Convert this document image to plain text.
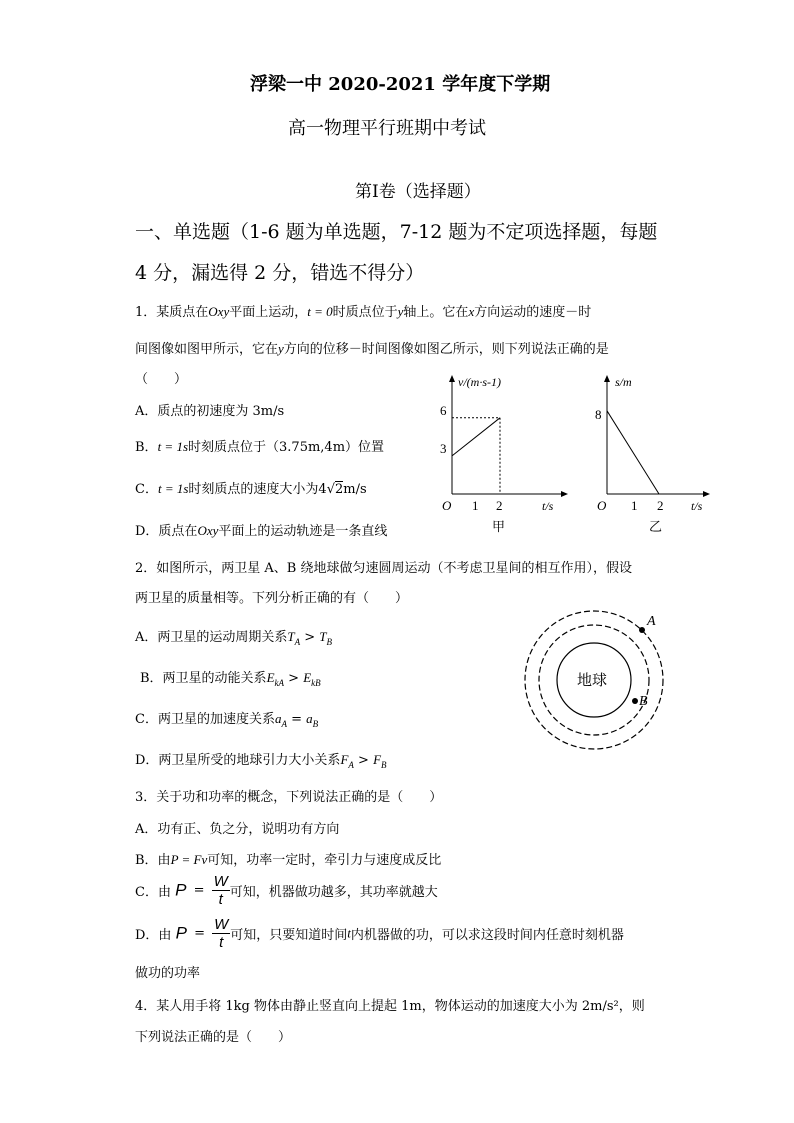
浮梁一中 2020-2021 学年度下学期
高一物理平行班期中考试
第Ⅰ卷（选择题）
一、单选题（1-6 题为单选题，7-12 题为不定项选择题，每题
4 分，漏选得 2 分，错选不得分）
1．某质点在Oxy平面上运动，t = 0时质点位于y轴上。它在x方向运动的速度－时
间图像如图甲所示，它在y方向的位移－时间图像如图乙所示，则下列说法正确的是
（　　）
A．质点的初速度为 3m/s
B．t = 1s时刻质点位于（3.75m,4m）位置
C．t = 1s时刻质点的速度大小为4√2m/s
D．质点在Oxy平面上的运动轨迹是一条直线
v/(m·s-1)
t/s
O 1 2
3
6
甲
s/m
t/s
O 1 2
8
乙
2．如图所示，两卫星 A、B 绕地球做匀速圆周运动（不考虑卫星间的相互作用），假设
两卫星的质量相等。下列分析正确的有（　　）
A．两卫星的运动周期关系$T_A > T_B$
B．两卫星的动能关系$E_{kA} > E_{kB}$
C．两卫星的加速度关系$a_A = a_B$
D．两卫星所受的地球引力大小关系$F_A > F_B$
地球
A
B
3．关于功和功率的概念，下列说法正确的是（　　）
A．功有正、负之分，说明功有方向
B．由P = Fv可知，功率一定时，牵引力与速度成反比
C．由 $P = \frac{W}{t}$ 可知，机器做功越多，其功率就越大
D．由 $P = \frac{W}{t}$ 可知，只要知道时间t内机器做的功，可以求这段时间内任意时刻机器
做功的功率
4．某人用手将 1kg 物体由静止竖直向上提起 1m，物体运动的加速度大小为 2m/s²，则
下列说法正确的是（　　）
